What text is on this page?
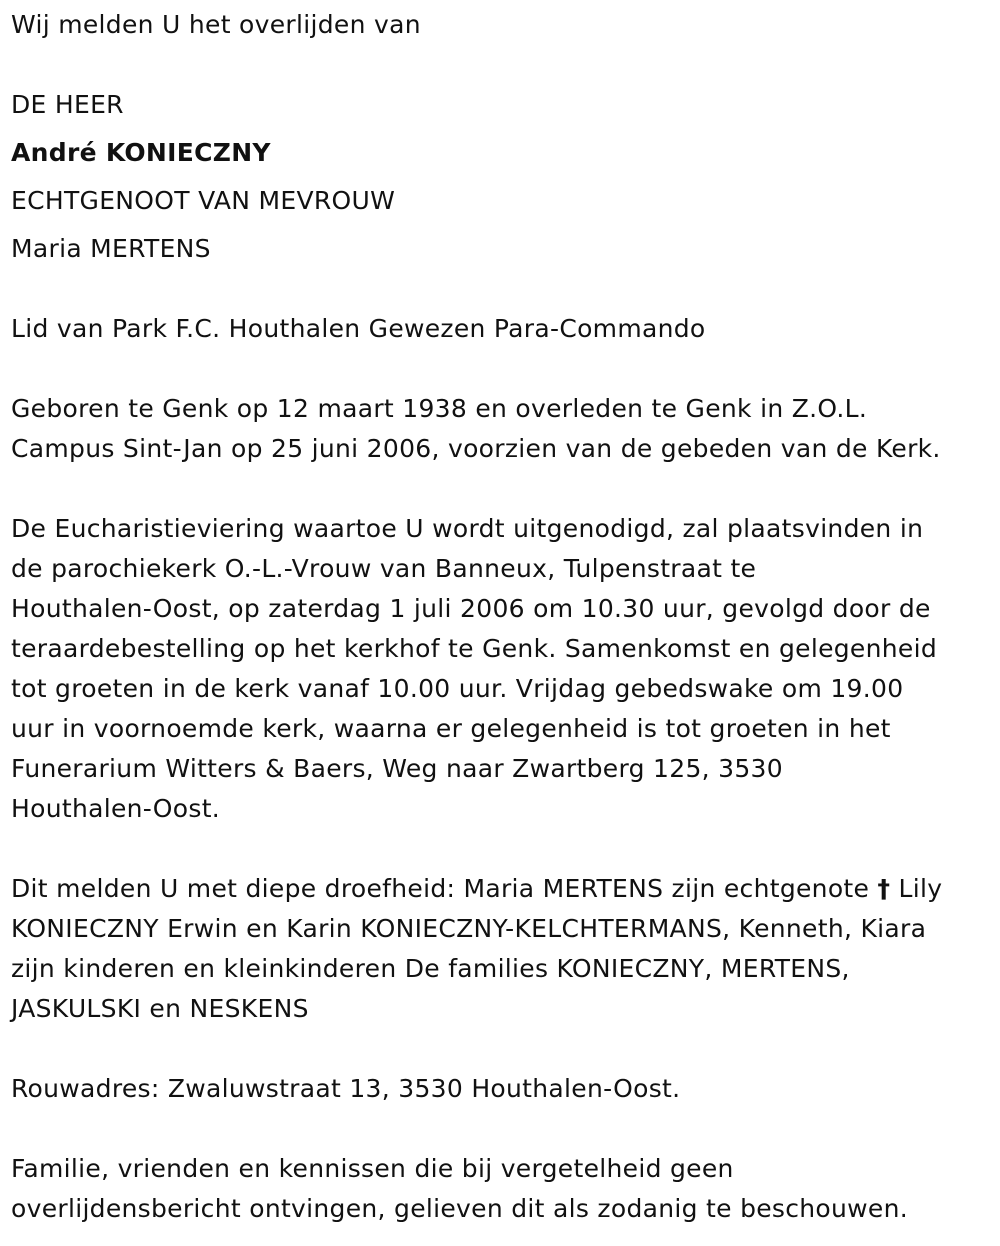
Wij melden U het overlijden van
DE HEER
André KONIECZNY
ECHTGENOOT VAN MEVROUW
Maria MERTENS
Lid van Park F.C. Houthalen Gewezen Para-Commando
Geboren te Genk op 12 maart 1938 en overleden te Genk in Z.O.L.
Campus Sint-Jan op 25 juni 2006, voorzien van de gebeden van de Kerk.
De Eucharistieviering waartoe U wordt uitgenodigd, zal plaatsvinden in
de parochiekerk O.-L.-Vrouw van Banneux, Tulpenstraat te
Houthalen-Oost, op zaterdag 1 juli 2006 om 10.30 uur, gevolgd door de
teraardebestelling op het kerkhof te Genk. Samenkomst en gelegenheid
tot groeten in de kerk vanaf 10.00 uur. Vrijdag gebedswake om 19.00
uur in voornoemde kerk, waarna er gelegenheid is tot groeten in het
Funerarium Witters & Baers, Weg naar Zwartberg 125, 3530
Houthalen-Oost.
Dit melden U met diepe droefheid: Maria MERTENS zijn echtgenote † Lily
KONIECZNY Erwin en Karin KONIECZNY-KELCHTERMANS, Kenneth, Kiara
zijn kinderen en kleinkinderen De families KONIECZNY, MERTENS,
JASKULSKI en NESKENS
Rouwadres: Zwaluwstraat 13, 3530 Houthalen-Oost.
Familie, vrienden en kennissen die bij vergetelheid geen
overlijdensbericht ontvingen, gelieven dit als zodanig te beschouwen.
